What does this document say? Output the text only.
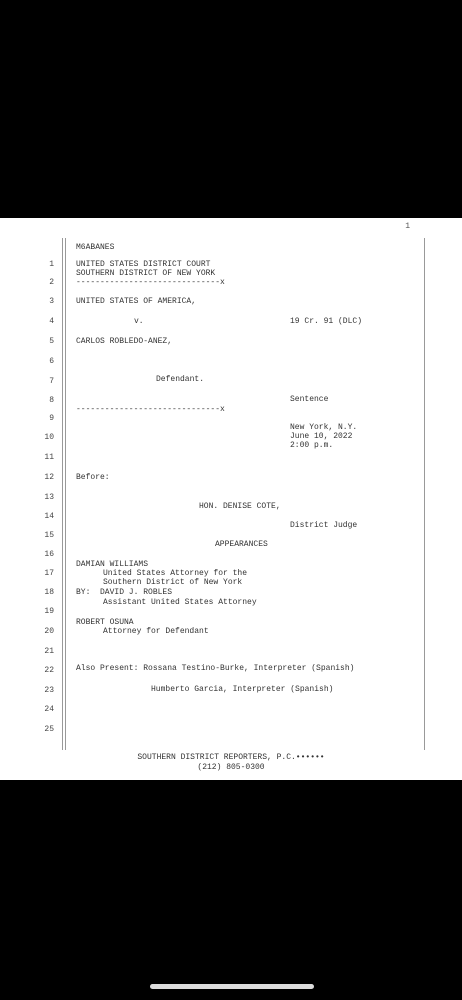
1
1
2
3
4
5
6
7
8
9
10
11
12
13
14
15
16
17
18
19
20
21
22
23
24
25
M6ABANES
UNITED STATES DISTRICT COURT
SOUTHERN DISTRICT OF NEW YORK
------------------------------x
UNITED STATES OF AMERICA,
v.	19 Cr. 91 (DLC)
CARLOS ROBLEDO-ANEZ,
Defendant.
Sentence
------------------------------x
New York, N.Y.
June 10, 2022
2:00 p.m.
Before:
HON. DENISE COTE,
District Judge
APPEARANCES
DAMIAN WILLIAMS
United States Attorney for the
Southern District of New York
BY:  DAVID J. ROBLES
Assistant United States Attorney
ROBERT OSUNA
Attorney for Defendant
Also Present: Rossana Testino-Burke, Interpreter (Spanish)
Humberto Garcia, Interpreter (Spanish)
SOUTHERN DISTRICT REPORTERS, P.C.••••••
(212) 805-0300
